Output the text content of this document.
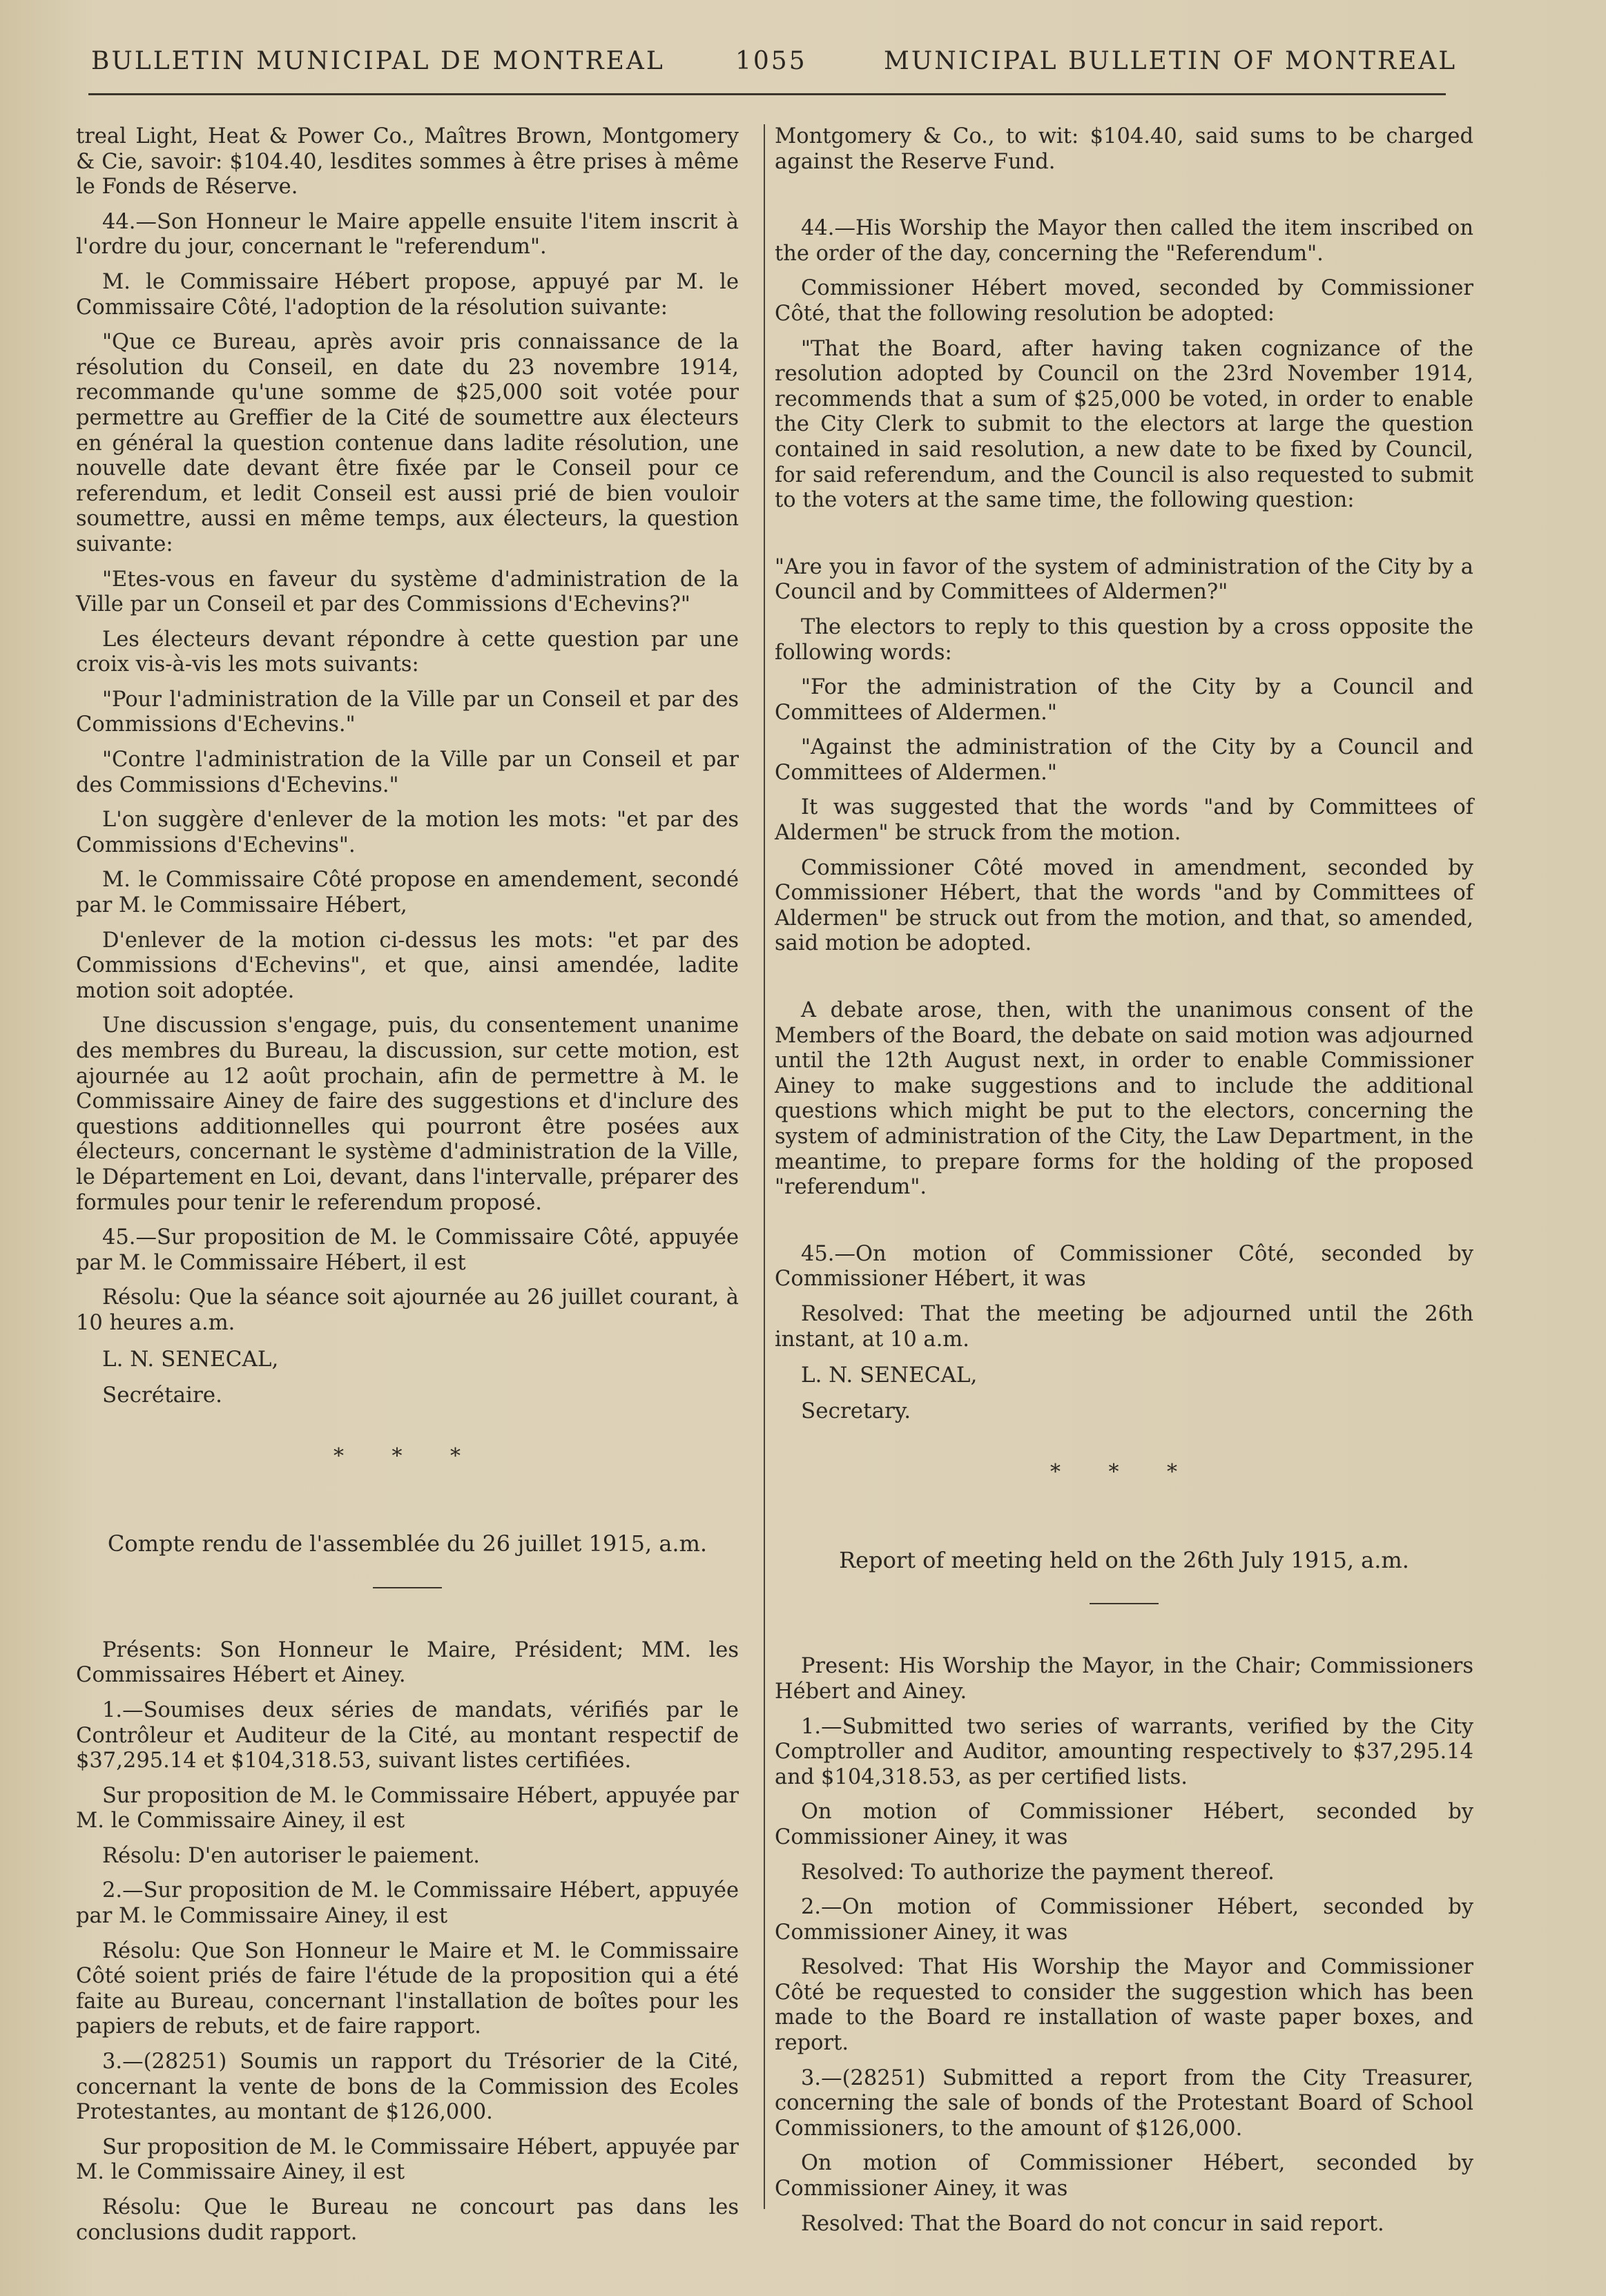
BULLETIN MUNICIPAL DE MONTREAL	1055	MUNICIPAL BULLETIN OF MONTREAL

treal Light, Heat & Power Co., Maîtres Brown, Montgomery & Cie, savoir: $104.40, lesdites sommes à être prises à même le Fonds de Réserve.

44.—Son Honneur le Maire appelle ensuite l'item inscrit à l'ordre du jour, concernant le "referendum".

M. le Commissaire Hébert propose, appuyé par M. le Commissaire Côté, l'adoption de la résolution suivante:

"Que ce Bureau, après avoir pris connaissance de la résolution du Conseil, en date du 23 novembre 1914, recommande qu'une somme de $25,000 soit votée pour permettre au Greffier de la Cité de soumettre aux électeurs en général la question contenue dans ladite résolution, une nouvelle date devant être fixée par le Conseil pour ce referendum, et ledit Conseil est aussi prié de bien vouloir soumettre, aussi en même temps, aux électeurs, la question suivante:

"Etes-vous en faveur du système d'administration de la Ville par un Conseil et par des Commissions d'Echevins?"

Les électeurs devant répondre à cette question par une croix vis-à-vis les mots suivants:

"Pour l'administration de la Ville par un Conseil et par des Commissions d'Echevins."

"Contre l'administration de la Ville par un Conseil et par des Commissions d'Echevins."

L'on suggère d'enlever de la motion les mots: "et par des Commissions d'Echevins".

M. le Commissaire Côté propose en amendement, secondé par M. le Commissaire Hébert,

D'enlever de la motion ci-dessus les mots: "et par des Commissions d'Echevins", et que, ainsi amendée, ladite motion soit adoptée.

Une discussion s'engage, puis, du consentement unanime des membres du Bureau, la discussion, sur cette motion, est ajournée au 12 août prochain, afin de permettre à M. le Commissaire Ainey de faire des suggestions et d'inclure des questions additionnelles qui pourront être posées aux électeurs, concernant le système d'administration de la Ville, le Département en Loi, devant, dans l'intervalle, préparer des formules pour tenir le referendum proposé.

45.—Sur proposition de M. le Commissaire Côté, appuyée par M. le Commissaire Hébert, il est

Résolu: Que la séance soit ajournée au 26 juillet courant, à 10 heures a.m.

L. N. SENECAL,

Secrétaire.

* * *
Compte rendu de l'assemblée du 26 juillet 1915, a.m.

Présents: Son Honneur le Maire, Président; MM. les Commissaires Hébert et Ainey.

1.—Soumises deux séries de mandats, vérifiés par le Contrôleur et Auditeur de la Cité, au montant respectif de $37,295.14 et $104,318.53, suivant listes certifiées.

Sur proposition de M. le Commissaire Hébert, appuyée par M. le Commissaire Ainey, il est

Résolu: D'en autoriser le paiement.

2.—Sur proposition de M. le Commissaire Hébert, appuyée par M. le Commissaire Ainey, il est

Résolu: Que Son Honneur le Maire et M. le Commissaire Côté soient priés de faire l'étude de la proposition qui a été faite au Bureau, concernant l'installation de boîtes pour les papiers de rebuts, et de faire rapport.

3.—(28251) Soumis un rapport du Trésorier de la Cité, concernant la vente de bons de la Commission des Ecoles Protestantes, au montant de $126,000.

Sur proposition de M. le Commissaire Hébert, appuyée par M. le Commissaire Ainey, il est

Résolu: Que le Bureau ne concourt pas dans les conclusions dudit rapport.

Montgomery & Co., to wit: $104.40, said sums to be charged against the Reserve Fund.

44.—His Worship the Mayor then called the item inscribed on the order of the day, concerning the "Referendum".

Commissioner Hébert moved, seconded by Commissioner Côté, that the following resolution be adopted:

"That the Board, after having taken cognizance of the resolution adopted by Council on the 23rd November 1914, recommends that a sum of $25,000 be voted, in order to enable the City Clerk to submit to the electors at large the question contained in said resolution, a new date to be fixed by Council, for said referendum, and the Council is also requested to submit to the voters at the same time, the following question:

"Are you in favor of the system of administration of the City by a Council and by Committees of Aldermen?"

The electors to reply to this question by a cross opposite the following words:

"For the administration of the City by a Council and Committees of Aldermen."

"Against the administration of the City by a Council and Committees of Aldermen."

It was suggested that the words "and by Committees of Aldermen" be struck from the motion.

Commissioner Côté moved in amendment, seconded by Commissioner Hébert, that the words "and by Committees of Aldermen" be struck out from the motion, and that, so amended, said motion be adopted.

A debate arose, then, with the unanimous consent of the Members of the Board, the debate on said motion was adjourned until the 12th August next, in order to enable Commissioner Ainey to make suggestions and to include the additional questions which might be put to the electors, concerning the system of administration of the City, the Law Department, in the meantime, to prepare forms for the holding of the proposed "referendum".

45.—On motion of Commissioner Côté, seconded by Commissioner Hébert, it was

Resolved: That the meeting be adjourned until the 26th instant, at 10 a.m.

L. N. SENECAL,

Secretary.

* * *
Report of meeting held on the 26th July 1915, a.m.

Present: His Worship the Mayor, in the Chair; Commissioners Hébert and Ainey.

1.—Submitted two series of warrants, verified by the City Comptroller and Auditor, amounting respectively to $37,295.14 and $104,318.53, as per certified lists.

On motion of Commissioner Hébert, seconded by Commissioner Ainey, it was

Resolved: To authorize the payment thereof.

2.—On motion of Commissioner Hébert, seconded by Commissioner Ainey, it was

Resolved: That His Worship the Mayor and Commissioner Côté be requested to consider the suggestion which has been made to the Board re installation of waste paper boxes, and report.

3.—(28251) Submitted a report from the City Treasurer, concerning the sale of bonds of the Protestant Board of School Commissioners, to the amount of $126,000.

On motion of Commissioner Hébert, seconded by Commissioner Ainey, it was

Resolved: That the Board do not concur in said report.
